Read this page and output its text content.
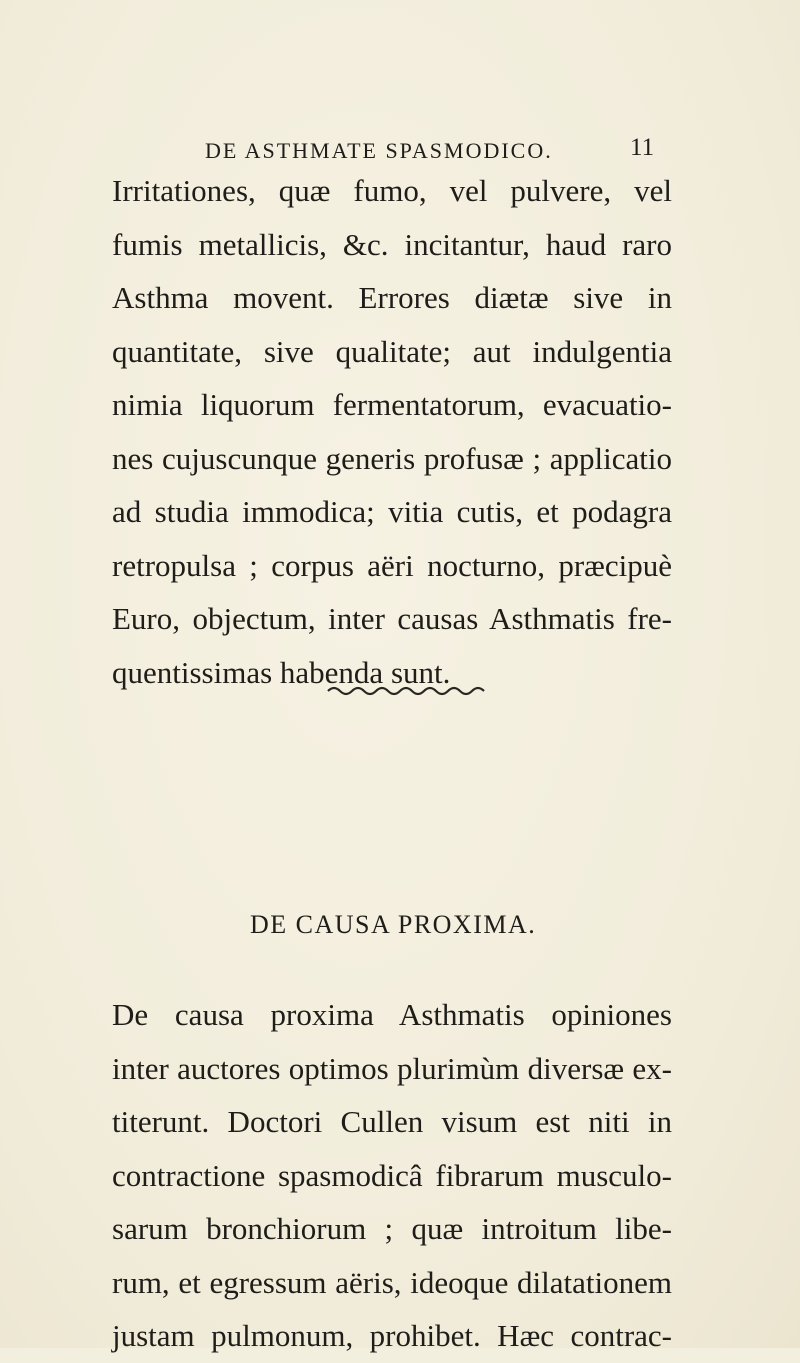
DE ASTHMATE SPASMODICO.	11
Irritationes, quæ fumo, vel pulvere, vel
fumis metallicis, &c. incitantur, haud raro
Asthma movent. Errores diætæ sive in
quantitate, sive qualitate; aut indulgentia
nimia liquorum fermentatorum, evacuatio-
nes cujuscunque generis profusæ ; applicatio
ad studia immodica; vitia cutis, et podagra
retropulsa ; corpus aëri nocturno, præcipuè
Euro, objectum, inter causas Asthmatis fre-
quentissimas habenda sunt.
DE CAUSA PROXIMA.
De causa proxima Asthmatis opiniones
inter auctores optimos plurimùm diversæ ex-
titerunt. Doctori Cullen visum est niti in
contractione spasmodicâ fibrarum musculo-
sarum bronchiorum ; quæ introitum libe-
rum, et egressum aëris, ideoque dilatationem
justam pulmonum, prohibet. Hæc contrac-
